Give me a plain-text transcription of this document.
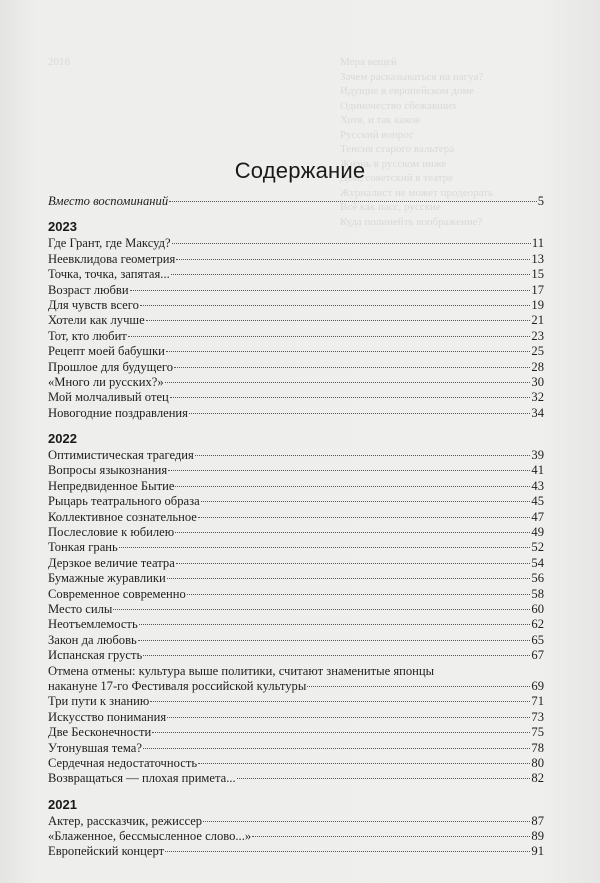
2018	Мера вещей
Зачем расказываться на нагуа?
Идущие в европейском доме
Одиночество сбежавших
Хотя, и так каков
Русский вопрос
Тенсия старого вальтера
Жизнь в русском ниже
Дом, советский в театре
Журналист не может продеорать
Всё как пасс, русские
Куда полинейть воображение?
Содержание
Вместо воспоминаний	5
2023
Где Грант, где Максуд?	11
Неевклидова геометрия	13
Точка, точка, запятая...	15
Возраст любви	17
Для чувств всего	19
Хотели как лучше	21
Тот, кто любит	23
Рецепт моей бабушки	25
Прошлое для будущего	28
«Много ли русских?»	30
Мой молчаливый отец	32
Новогодние поздравления	34
2022
Оптимистическая трагедия	39
Вопросы языкознания	41
Непредвиденное Бытие	43
Рыцарь театрального образа	45
Коллективное сознательное	47
Послесловие к юбилею	49
Тонкая грань	52
Дерзкое величие театра	54
Бумажные журавлики	56
Современное современно	58
Место силы	60
Неотъемлемость	62
Закон да любовь	65
Испанская грусть	67
Отмена отмены: культура выше политики, считают знаменитые японцы
накануне 17-го Фестиваля российской культуры	69
Три пути к знанию	71
Искусство понимания	73
Две Бесконечности	75
Утонувшая тема?	78
Сердечная недостаточность	80
Возвращаться — плохая примета...	82
2021
Актер, рассказчик, режиссер	87
«Блаженное, бессмысленное слово...»	89
Европейский концерт	91
